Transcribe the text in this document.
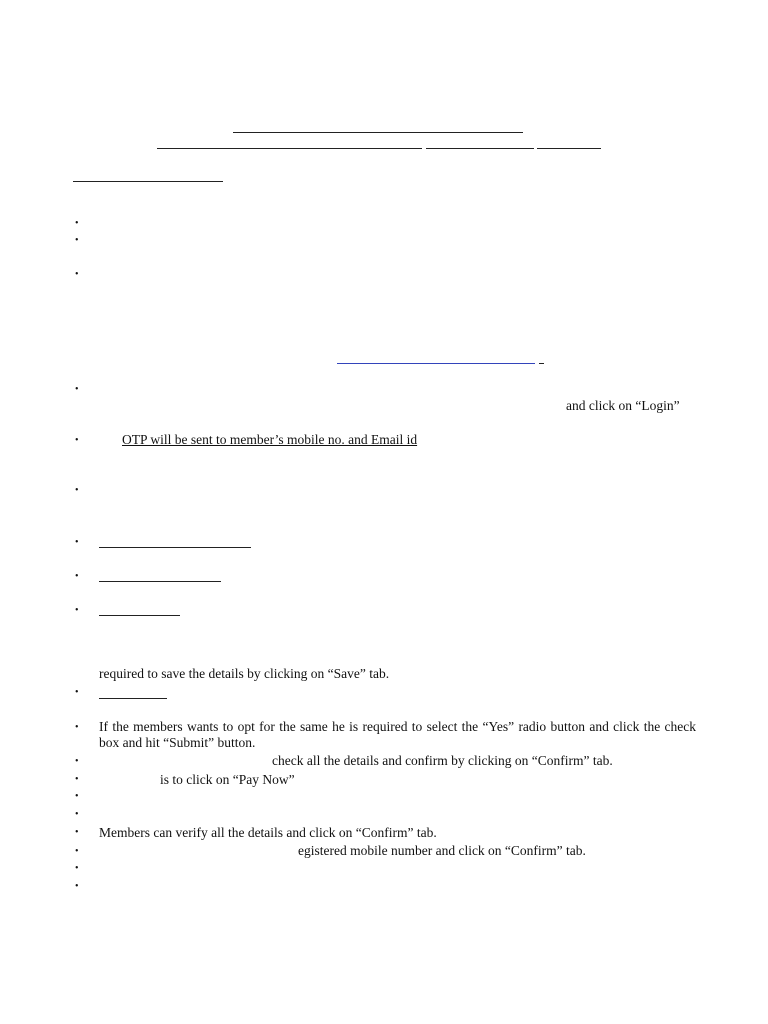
•
•
•
•
and click on “Login”
•	OTP will be sent to member’s mobile no. and Email id
•
•
•
•
required to save the details by clicking on “Save” tab.
•
• If the members wants to opt for the same he is required to select the “Yes” radio button and click the check box and hit “Submit” button.
•	check all the details and confirm by clicking on “Confirm” tab.
•	is to click on “Pay Now”
•
•
• Members can verify all the details and click on “Confirm” tab.
•	egistered mobile number and click on “Confirm” tab.
•
•
